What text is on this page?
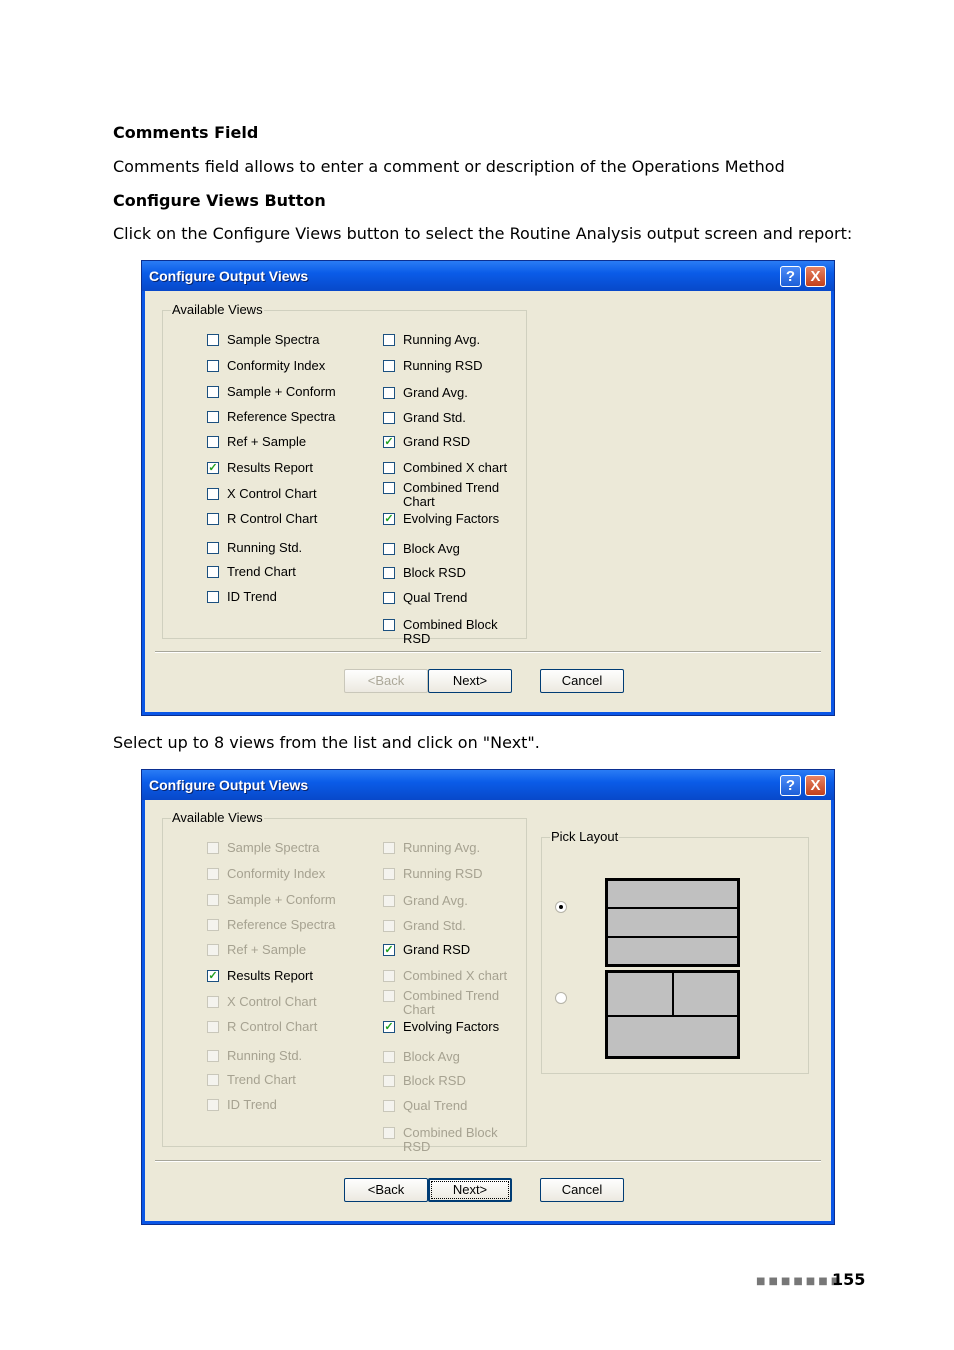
Comments Field

Comments field allows to enter a comment or description of the Operations Method

Configure Views Button

Click on the Configure Views button to select the Routine Analysis output screen and report:

Configure Output Views	?	X
Available Views
Sample Spectra
Conformity Index
Sample + Conform
Reference Spectra
Ref + Sample
✓ Results Report
X Control Chart
R Control Chart
Running Std.
Trend Chart
ID Trend
Running Avg.
Running RSD
Grand Avg.
Grand Std.
✓ Grand RSD
Combined X chart
Combined Trend Chart
✓ Evolving Factors
Block Avg
Block RSD
Qual Trend
Combined Block RSD
<Back	Next>	Cancel

Select up to 8 views from the list and click on "Next".

Configure Output Views	?	X
Available Views
Sample Spectra
Conformity Index
Sample + Conform
Reference Spectra
Ref + Sample
✓ Results Report
X Control Chart
R Control Chart
Running Std.
Trend Chart
ID Trend
Running Avg.
Running RSD
Grand Avg.
Grand Std.
✓ Grand RSD
Combined X chart
Combined Trend Chart
✓ Evolving Factors
Block Avg
Block RSD
Qual Trend
Combined Block RSD
Pick Layout
<Back	Next>	Cancel
■■■■■■■
155
